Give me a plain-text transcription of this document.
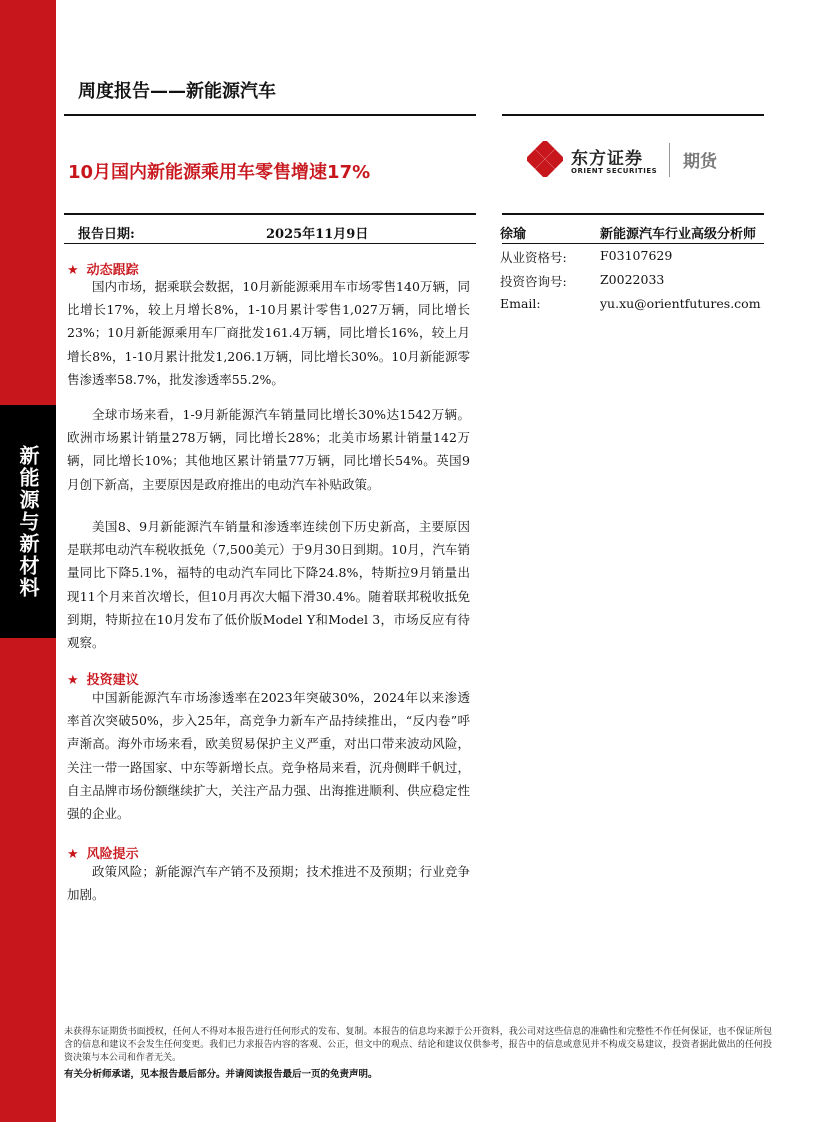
新能源与新材料
周度报告——新能源汽车
10月国内新能源乘用车零售增速17%
东方证券
ORIENT SECURITIES 期货
报告日期:	2025年11月9日	徐瑜	新能源汽车行业高级分析师
从业资格号:	F03107629
投资咨询号:	Z0022033
Email:	yu.xu@orientfutures.com
★ 动态跟踪

国内市场，据乘联会数据，10月新能源乘用车市场零售140万辆，同比增长17%，较上月增长8%，1-10月累计零售1,027万辆，同比增长23%；10月新能源乘用车厂商批发161.4万辆，同比增长16%，较上月增长8%，1-10月累计批发1,206.1万辆，同比增长30%。10月新能源零售渗透率58.7%，批发渗透率55.2%。

全球市场来看，1-9月新能源汽车销量同比增长30%达1542万辆。欧洲市场累计销量278万辆，同比增长28%；北美市场累计销量142万辆，同比增长10%；其他地区累计销量77万辆，同比增长54%。英国9月创下新高，主要原因是政府推出的电动汽车补贴政策。

美国8、9月新能源汽车销量和渗透率连续创下历史新高，主要原因是联邦电动汽车税收抵免（7,500美元）于9月30日到期。10月，汽车销量同比下降5.1%，福特的电动汽车同比下降24.8%，特斯拉9月销量出现11个月来首次增长，但10月再次大幅下滑30.4%。随着联邦税收抵免到期，特斯拉在10月发布了低价版Model Y和Model 3，市场反应有待观察。

★ 投资建议

中国新能源汽车市场渗透率在2023年突破30%，2024年以来渗透率首次突破50%，步入25年，高竞争力新车产品持续推出，“反内卷”呼声渐高。海外市场来看，欧美贸易保护主义严重，对出口带来波动风险，关注一带一路国家、中东等新增长点。竞争格局来看，沉舟侧畔千帆过，自主品牌市场份额继续扩大，关注产品力强、出海推进顺利、供应稳定性强的企业。

★ 风险提示

政策风险；新能源汽车产销不及预期；技术推进不及预期；行业竞争加剧。

未获得东证期货书面授权，任何人不得对本报告进行任何形式的发布、复制。本报告的信息均来源于公开资料，我公司对这些信息的准确性和完整性不作任何保证，也不保证所包含的信息和建议不会发生任何变更。我们已力求报告内容的客观、公正，但文中的观点、结论和建议仅供参考，报告中的信息或意见并不构成交易建议，投资者据此做出的任何投资决策与本公司和作者无关。

有关分析师承诺，见本报告最后部分。并请阅读报告最后一页的免责声明。
